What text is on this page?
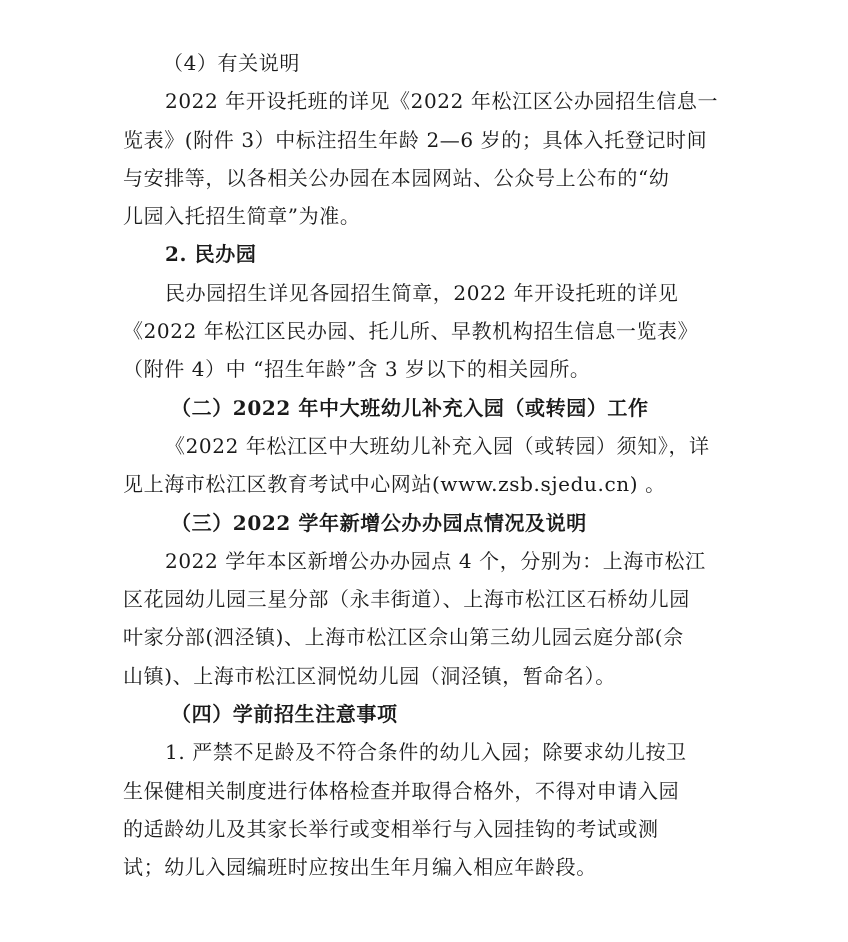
（4）有关说明
2022 年开设托班的详见《2022 年松江区公办园招生信息一
览表》(附件 3）中标注招生年龄 2—6 岁的；具体入托登记时间
与安排等，以各相关公办园在本园网站、公众号上公布的“幼
儿园入托招生简章”为准。
2. 民办园
民办园招生详见各园招生简章，2022 年开设托班的详见
《2022 年松江区民办园、托儿所、早教机构招生信息一览表》
（附件 4）中 “招生年龄”含 3 岁以下的相关园所。
（二）2022 年中大班幼儿补充入园（或转园）工作
《2022 年松江区中大班幼儿补充入园（或转园）须知》，详
见上海市松江区教育考试中心网站(www.zsb.sjedu.cn) 。
（三）2022 学年新增公办办园点情况及说明
2022 学年本区新增公办办园点 4 个，分别为：上海市松江
区花园幼儿园三星分部（永丰街道）、上海市松江区石桥幼儿园
叶家分部(泗泾镇)、上海市松江区佘山第三幼儿园云庭分部(佘
山镇)、上海市松江区洞悦幼儿园（洞泾镇，暂命名）。
（四）学前招生注意事项
1. 严禁不足龄及不符合条件的幼儿入园；除要求幼儿按卫
生保健相关制度进行体格检查并取得合格外，不得对申请入园
的适龄幼儿及其家长举行或变相举行与入园挂钩的考试或测
试；幼儿入园编班时应按出生年月编入相应年龄段。
